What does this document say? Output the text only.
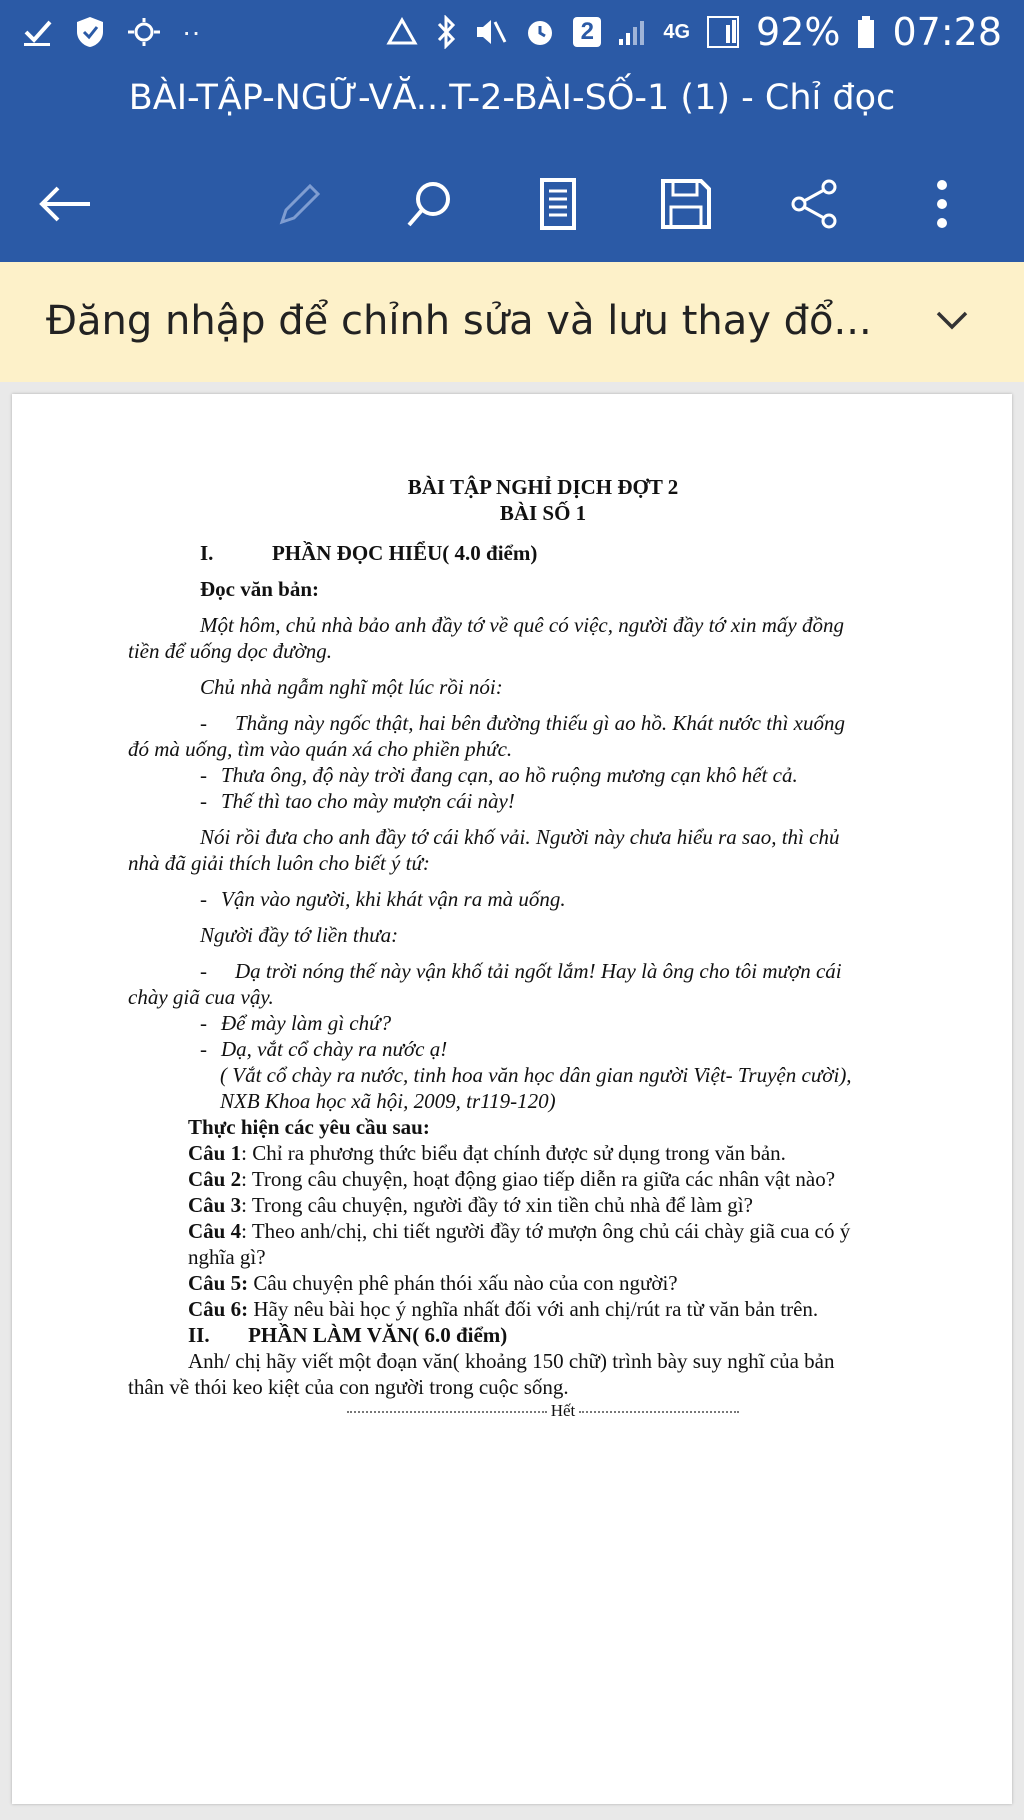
··	2	4G 92% 07:28
BÀI-TẬP-NGỮ-VĂ...T-2-BÀI-SỐ-1 (1) - Chỉ đọc
Đăng nhập để chỉnh sửa và lưu thay đổ...
BÀI TẬP NGHỈ DỊCH ĐỢT 2
BÀI SỐ 1
I.	PHẦN ĐỌC HIỂU( 4.0 điểm)
Đọc văn bản:
Một hôm, chủ nhà bảo anh đầy tớ về quê có việc, người đầy tớ xin mấy đồng
tiền để uống dọc đường.
Chủ nhà ngẫm nghĩ một lúc rồi nói:
- Thằng này ngốc thật, hai bên đường thiếu gì ao hồ. Khát nước thì xuống
đó mà uống, tìm vào quán xá cho phiền phức.
- Thưa ông, độ này trời đang cạn, ao hồ ruộng mương cạn khô hết cả.
- Thế thì tao cho mày mượn cái này!
Nói rồi đưa cho anh đầy tớ cái khố vải. Người này chưa hiểu ra sao, thì chủ
nhà đã giải thích luôn cho biết ý tứ:
- Vận vào người, khi khát vận ra mà uống.
Người đầy tớ liền thưa:
- Dạ trời nóng thế này vận khố tải ngốt lắm! Hay là ông cho tôi mượn cái
chày giã cua vậy.
- Để mày làm gì chứ?
- Dạ, vắt cổ chày ra nước ạ!
( Vắt cổ chày ra nước, tinh hoa văn học dân gian người Việt- Truyện cười),
NXB Khoa học xã hội, 2009, tr119-120)
Thực hiện các yêu cầu sau:
Câu 1: Chỉ ra phương thức biểu đạt chính được sử dụng trong văn bản.
Câu 2: Trong câu chuyện, hoạt động giao tiếp diễn ra giữa các nhân vật nào?
Câu 3: Trong câu chuyện, người đầy tớ xin tiền chủ nhà để làm gì?
Câu 4: Theo anh/chị, chi tiết người đầy tớ mượn ông chủ cái chày giã cua có ý
nghĩa gì?
Câu 5: Câu chuyện phê phán thói xấu nào của con người?
Câu 6: Hãy nêu bài học ý nghĩa nhất đối với anh chị/rút ra từ văn bản trên.
II. PHẦN LÀM VĂN( 6.0 điểm)
Anh/ chị hãy viết một đoạn văn( khoảng 150 chữ) trình bày suy nghĩ của bản
thân về thói keo kiệt của con người trong cuộc sống.
Hết
